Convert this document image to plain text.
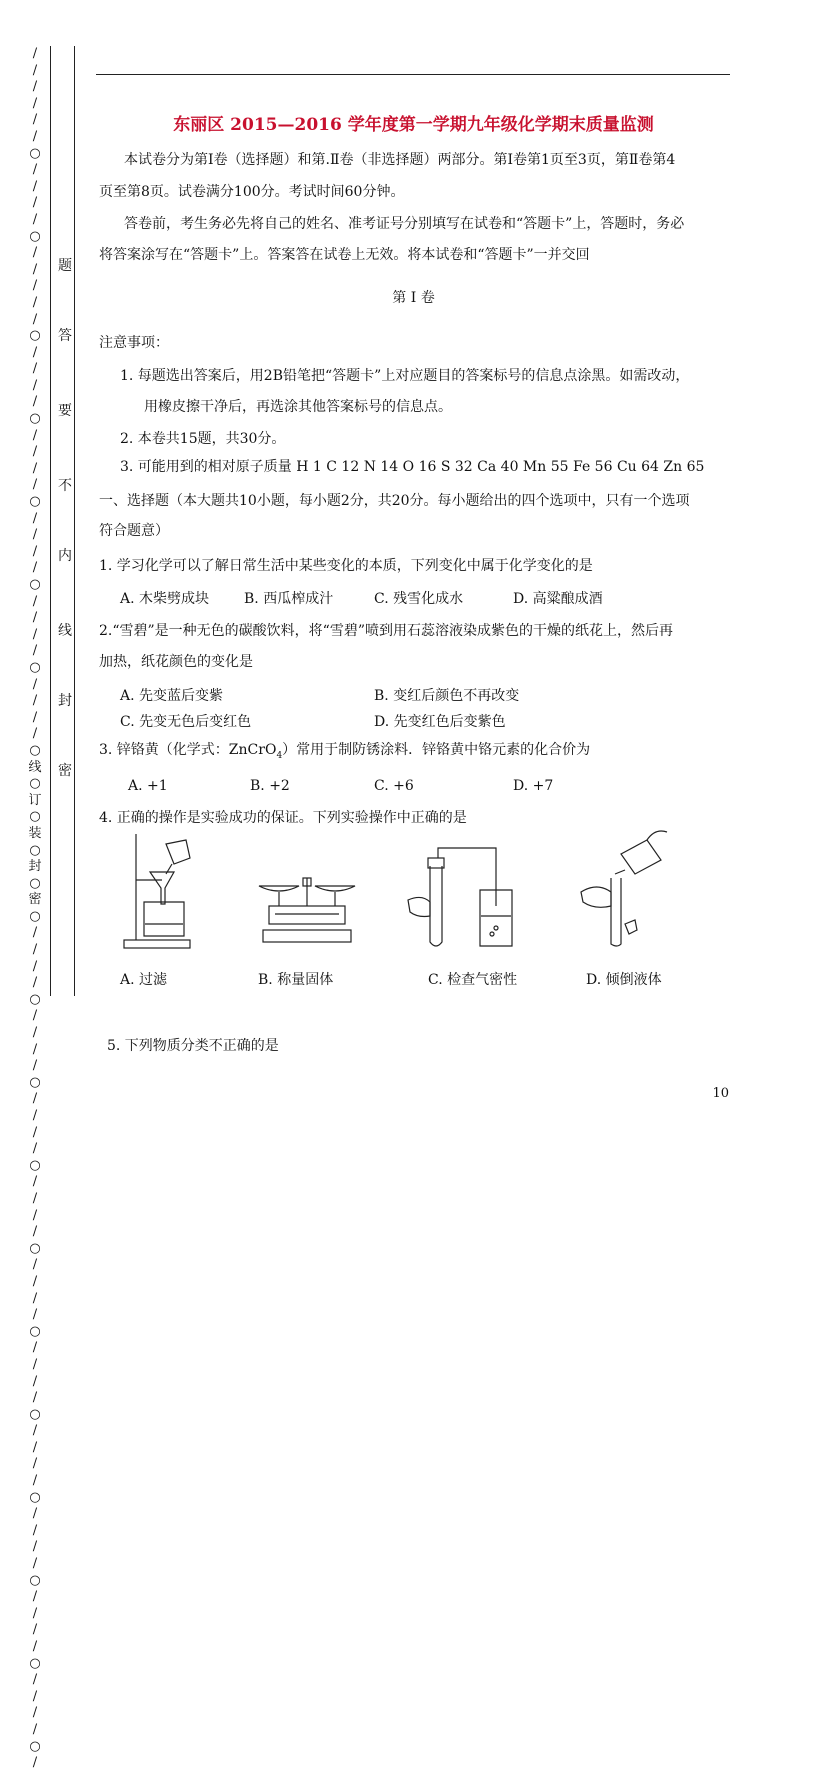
/
/
/
/
/
/
○
/
/
/
/
○
/
/
/
/
/
○
/
/
/
/
○
/
/
/
/
○
/
/
/
/
○
/
/
/
/
○
/
/
/
/
○
线
○
订
○
装
○
封
○
密
○
/
/
/
/
○
/
/
/
/
○
/
/
/
/
○
/
/
/
/
○
/
/
/
/
○
/
/
/
/
○
/
/
/
/
○
/
/
/
/
○
/
/
/
/
○
/
/
/
/
○
/
题
答
要
不
内
线
封
密
东丽区 2015—2016 学年度第一学期九年级化学期末质量监测
本试卷分为第Ⅰ卷（选择题）和第.Ⅱ卷（非选择题）两部分。第Ⅰ卷第1页至3页，第Ⅱ卷第4
页至第8页。试卷满分100分。考试时间60分钟。
答卷前，考生务必先将自己的姓名、准考证号分别填写在试卷和“答题卡”上，答题时，务必
将答案涂写在“答题卡”上。答案答在试卷上无效。将本试卷和“答题卡”一并交回
第 Ⅰ 卷
注意事项：
1. 每题选出答案后，用2B铅笔把“答题卡”上对应题目的答案标号的信息点涂黑。如需改动，
用橡皮擦干净后，再选涂其他答案标号的信息点。
2. 本卷共15题，共30分。
3. 可能用到的相对原子质量 H 1 C 12 N 14 O 16 S 32 Ca 40 Mn 55 Fe 56 Cu 64 Zn 65
一、选择题（本大题共10小题，每小题2分，共20分。每小题给出的四个选项中，只有一个选项
符合题意）
1. 学习化学可以了解日常生活中某些变化的本质，下列变化中属于化学变化的是
A. 木柴劈成块 B. 西瓜榨成汁	C. 残雪化成水	D. 高粱酿成酒
2.“雪碧”是一种无色的碳酸饮料，将“雪碧”喷到用石蕊溶液染成紫色的干燥的纸花上，然后再
加热，纸花颜色的变化是
A. 先变蓝后变紫	B. 变红后颜色不再改变
C. 先变无色后变红色	D. 先变红色后变紫色
3. 锌铬黄（化学式：ZnCrO$_4$）常用于制防锈涂料．锌铬黄中铬元素的化合价为
A. +1	B. +2	C. +6	D. +7
4. 正确的操作是实验成功的保证。下列实验操作中正确的是
A. 过滤	B. 称量固体	C. 检查气密性	D. 倾倒液体
5. 下列物质分类不正确的是
10
